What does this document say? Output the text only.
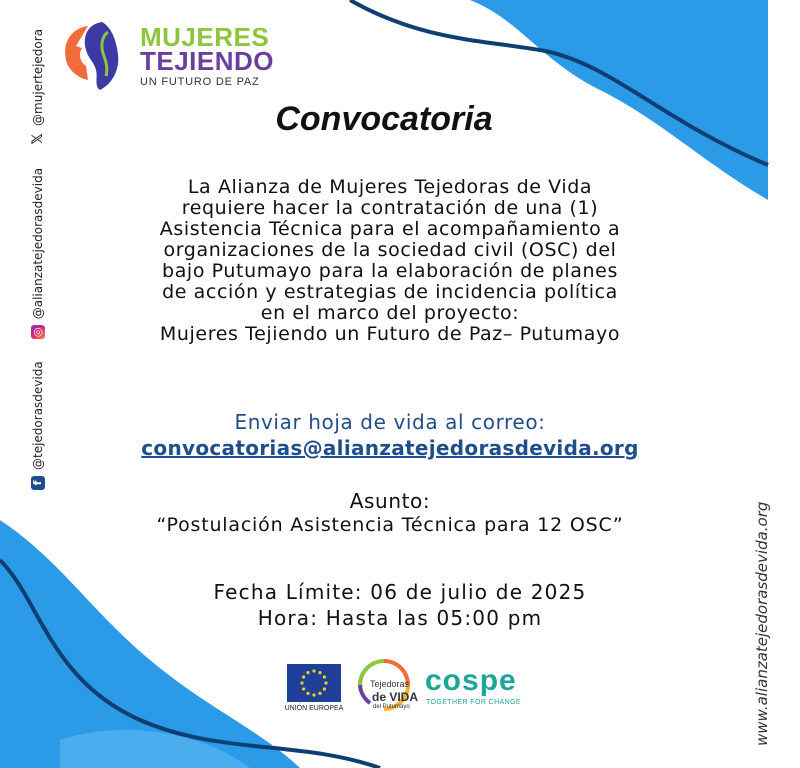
MUJERES
TEJIENDO
UN FUTURO DE PAZ
Convocatoria
La Alianza de Mujeres Tejedoras de Vida
requiere hacer la contratación de una (1)
Asistencia Técnica para el acompañamiento a
organizaciones de la sociedad civil (OSC) del
bajo Putumayo para la elaboración de planes
de acción y estrategias de incidencia política
en el marco del proyecto:
Mujeres Tejiendo un Futuro de Paz– Putumayo
Enviar hoja de vida al correo:
convocatorias@alianzatejedorasdevida.org
Asunto:
“Postulación Asistencia Técnica para 12 OSC”
Fecha Límite: 06 de julio de 2025
Hora: Hasta las 05:00 pm
f
@tejedorasdevida
◎
@alianzatejedorasdevida
𝕏
@mujertejedora
www.alianzatejedorasdevida.org
UNIÓN EUROPEA
Tejedoras
de VIDA
del Putumayo
cospe
TOGETHER FOR CHANGE
